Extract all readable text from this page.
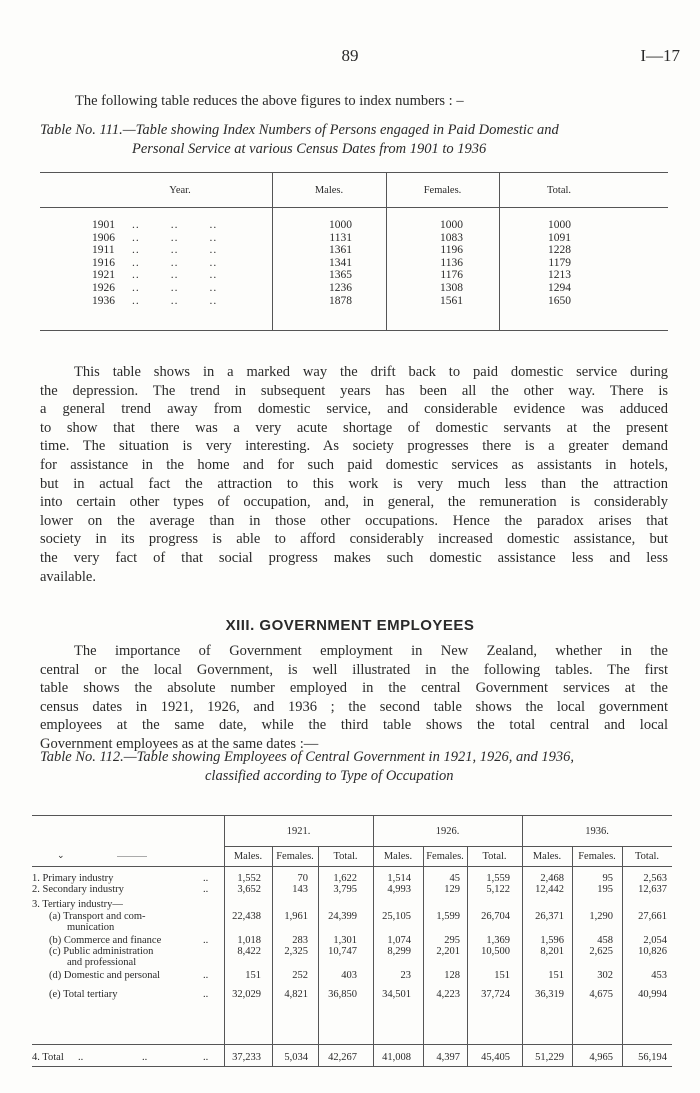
89	I—17
The following table reduces the above figures to index numbers : –
Table No. 111.—Table showing Index Numbers of Persons engaged in Paid Domestic and
Personal Service at various Census Dates from 1901 to 1936
Year.	Males.	Females.	Total.
1901 ..        ..        ..	1000	1000	1000
1906 ..        ..        ..	1131	1083	1091
1911 ..        ..        ..	1361	1196	1228
1916 ..        ..        ..	1341	1136	1179
1921 ..        ..        ..	1365	1176	1213
1926 ..        ..        ..	1236	1308	1294
1936 ..        ..        ..	1878	1561	1650
This table shows in a marked way the drift back to paid domestic service during
the depression. The trend in subsequent years has been all the other way. There is
a general trend away from domestic service, and considerable evidence was adduced
to show that there was a very acute shortage of domestic servants at the present
time. The situation is very interesting. As society progresses there is a greater demand
for assistance in the home and for such paid domestic services as assistants in hotels,
but in actual fact the attraction to this work is very much less than the attraction
into certain other types of occupation, and, in general, the remuneration is considerably
lower on the average than in those other occupations. Hence the paradox arises that
society in its progress is able to afford considerably increased domestic assistance, but
the very fact of that social progress makes such domestic assistance less and less
available.
XIII. GOVERNMENT EMPLOYEES
The importance of Government employment in New Zealand, whether in the
central or the local Government, is well illustrated in the following tables. The first
table shows the absolute number employed in the central Government services at the
census dates in 1921, 1926, and 1936 ; the second table shows the local government
employees at the same date, while the third table shows the total central and local
Government employees as at the same dates :—
Table No. 112.—Table showing Employees of Central Government in 1921, 1926, and 1936,
classified according to Type of Occupation
1921.	1926.	1936.
Males.	Females.	Total.	Males.	Females.	Total.	Males.	Females.	Total.
⌄
1. Primary industry	..	1,552	70	1,622	1,514	45	1,559	2,468	95	2,563
2. Secondary industry	..	3,652	143	3,795	4,993	129	5,122	12,442	195	12,637
3. Tertiary industry—
(a) Transport and com-
munication
22,438	1,961	24,399	25,105	1,599	26,704	26,371	1,290	27,661
(b) Commerce and finance	..	1,018	283	1,301	1,074	295	1,369	1,596	458	2,054
(c) Public administration
and professional
8,422	2,325	10,747	8,299	2,201	10,500	8,201	2,625	10,826
(d) Domestic and personal	..	151	252	403	23	128	151	151	302	453
(e) Total tertiary	..	32,029	4,821	36,850	34,501	4,223	37,724	36,319	4,675	40,994
4. Total	..	..	..	37,233	5,034	42,267	41,008	4,397	45,405	51,229	4,965	56,194
